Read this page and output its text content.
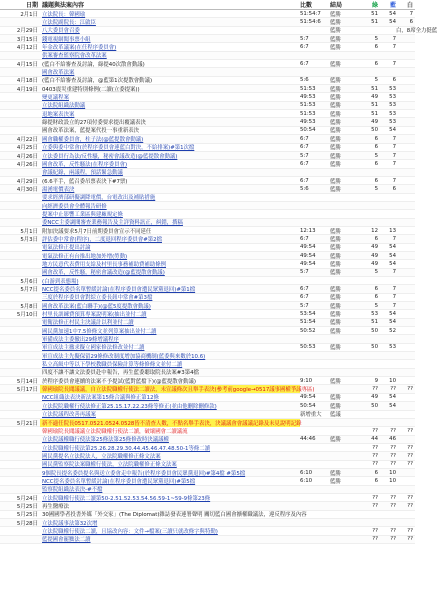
日期 議題與法案內容	比數	結局	綠	藍	白
2月1日 立法院長：韓國瑜	51:54:7	藍勝	51	54	7
立法院副院長：江啟臣	51:54:6	藍勝	51	54	6
2月29日 八大委員會召委	藍勝	白，8席全力挺藍
3月15日 錢電視網聞事票小組	5:7	藍勝	5	7
4月12日 年金改革議案(在任程序委員會)	6:7	藍勝	6	7
供案審查監察院會改革法案
4月15日 (藍白不給審查及討論，綠提40次散會動議)	6:7	藍勝	6	7
國會改革法案
4月18日 (藍白不給審查及討論，@藍第1次提散會動議)	5:6	藍勝	5	6
4月19日 0403震災重建特別條例(二讀(立委提案))	51:53	藍勝	51	53
變更議程案	49:53	藍勝	49	53
立法院組織法動議	51:53	藍勝	51	53
退地案表決案	51:53	藍勝	51	53
綠提財政設立的27項付委要求提出覆議表決	49:53	藍勝	49	53
國會改革法案，藍提案代投一事重新表決	50:54	藍勝	50	54
4月22日 國會職權委員會，柱子法(@藍提散會動議)	6:7	藍勝	6	7
4月25日 立委與委中常會(於程序委員會連藍白對決，不給排案)#第1次擋	6:7	藍勝	6	7
4月26日 立法委員行為法/反性騷，秘密會議改造(@藍提散會動議)	5:7	藍勝	5	7
4月26日 國會改革，反性騷法(在程序委員會)	6:7	藍勝	6	7
會議紀錄，兩議程，預話緊急動議
4月29日 (6.6平手，藍召委吊票表決下#7票)	6:7	藍勝	6	7
4月30日 湯湧電價表決	5:6	藍勝	5	6
要求經濟部研擬調降電價，台電改出及補貼措施
向經濟委員會全體報告研修
提案中止影響工業區與建廠規定條
委NCC主委調閱審查業務報告及主詳資料訊正，糾錯，撰稿
5月1日 附加決議要求5月7日前期委員會宣示不同延任	12:13	藍勝	12	13
5月3日 評估委中常會(程序)，二度退回程序委員會#第2擋	6:7	藍勝	6	7
電氣法修正提出討論	49:54	藍勝	49	54
電氣法修正有台推出地加外增(勞動)	49:54	藍勝	49	54
地方民意代表費用支給及村里長事務補助費補助條例	49:54	藍勝	49	54
國會改革，反性騷，秘密會議改造(@藍提散會動議)	5:7	藍勝	5	7
5月6日 (白游到表態場)
5月7日 NCC提名委員名單暫緩討論(在程序委員會遭民眾黨退回)#第1擋	6:7	藍勝	6	7
三度於程序委員會對綜立委長鈕中常會#第3擋	6:7	藍勝	6	7
5月8日 國會改革法案(藍白聯手)(@藍5度提散會動議)	5:7	藍勝	5	7
5月10日 村里長訓練費預算專案說明案(抽出並付二讀	53:54	藍勝	53	54
電衛法修正村民主決議計以利並付二讀	51:54	藍勝	51	54
國民黨加速1中7.5修條文並列算案抽出並付二讀	50:52	藍勝	50	52
軍備成法主委撤出29條增議程序
軍宣成法主撤求擬立國家修法修改並付二讀	50:53	藍勝	50	53
軍宣成法主先擬保留29條修改制度增加協商機制(藍委與來數於10.6)
私立高級中等以下學校教職員保險計算等條修條文並付二讀
四度不讓不讓文法委員赴中報告，再生藍委聽取院長法案#3第4擋
5月14日 於程序委員會連續的法案不予提試(藍對藍擋下)(@藍提散會動議)	9:10	藍勝	9	10
5月17日 韓國瑜院長聞議議，自立法院職權行使法二讀法，未宣議條次且舉手表決(參考前google→0517議事國權爭議專區)	??	??	??
NCC組織法表決新法案第15條合議與修正第12條	49:54	藍勝	49	54
立法院院職權行使法修正第25.15.17.22.23條等修正(並由他刪除刪修款)	50:54	藍勝	50	54
立法院議程改善再議案	新增重大	藍議
5月21日 新不適任院長0517.0521.0524.0528皆不清查人數，不點名舉手表決，決議議會會議議記錄及未見說明記錄
韓國瑜院長聞議議立法院職權行使法二讀，破壞國會二讀議流	??	??	??
立法院議權職行使法第25條法第25條修改時決議議權	44:46	藍勝	44	46
立法院職權行使法第25.26.28.29.30.44.45.46.47.48.50-1等條二讀	??	??	??
國民黨提名立法院法人，立法院職權修正條文法案	??	??	??
國民黨監察院法案職權行使法，立法院職權修正條文法案	??	??	??
9個院長提名委員提名與送立委會走中報告(於程序委員會民眾黨退回)#第4擋 #第5擋	6:10	藍勝	6	10
NCC提名委員名單暫緩討論(在程序委員會遭民眾黨退回)#第5擋	6:10	藍勝	6	10
監察院組織法表決-#不擋
5月24日 立法院職權行使法二讀第50-2.51.52.53.54.56.59-1~59-9條第23條	??	??	??
5月25日 再生醫療法	??	??	??
5月25日 30國國學者投書外媒「外交家」(The Diplomat)雜誌發表連署聲明 關切藍白國會擴權職議法，違反程序及內容
5月28日 立法院議事法第32次增
立法院職權行使法二讀，且協改內容：文件→檔案(三讀只就改條字與特勤)	??	??	??
藍提國會罷黜法二讀	??	??	??
